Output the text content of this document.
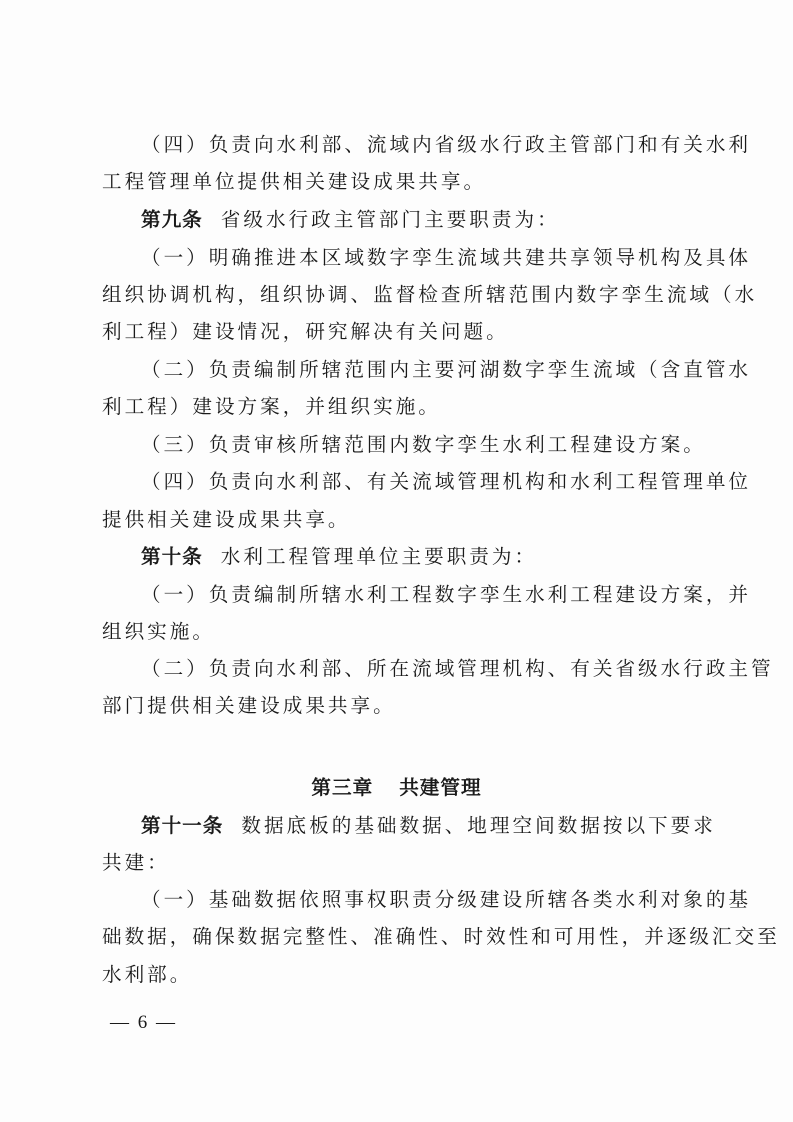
（四）负责向水利部、流域内省级水行政主管部门和有关水利
工程管理单位提供相关建设成果共享。
第九条 省级水行政主管部门主要职责为：
（一）明确推进本区域数字孪生流域共建共享领导机构及具体
组织协调机构，组织协调、监督检查所辖范围内数字孪生流域（水
利工程）建设情况，研究解决有关问题。
（二）负责编制所辖范围内主要河湖数字孪生流域（含直管水
利工程）建设方案，并组织实施。
（三）负责审核所辖范围内数字孪生水利工程建设方案。
（四）负责向水利部、有关流域管理机构和水利工程管理单位
提供相关建设成果共享。
第十条 水利工程管理单位主要职责为：
（一）负责编制所辖水利工程数字孪生水利工程建设方案，并
组织实施。
（二）负责向水利部、所在流域管理机构、有关省级水行政主管
部门提供相关建设成果共享。
第三章 共建管理
第十一条 数据底板的基础数据、地理空间数据按以下要求
共建：
（一）基础数据依照事权职责分级建设所辖各类水利对象的基
础数据，确保数据完整性、准确性、时效性和可用性，并逐级汇交至
水利部。
— 6 —
